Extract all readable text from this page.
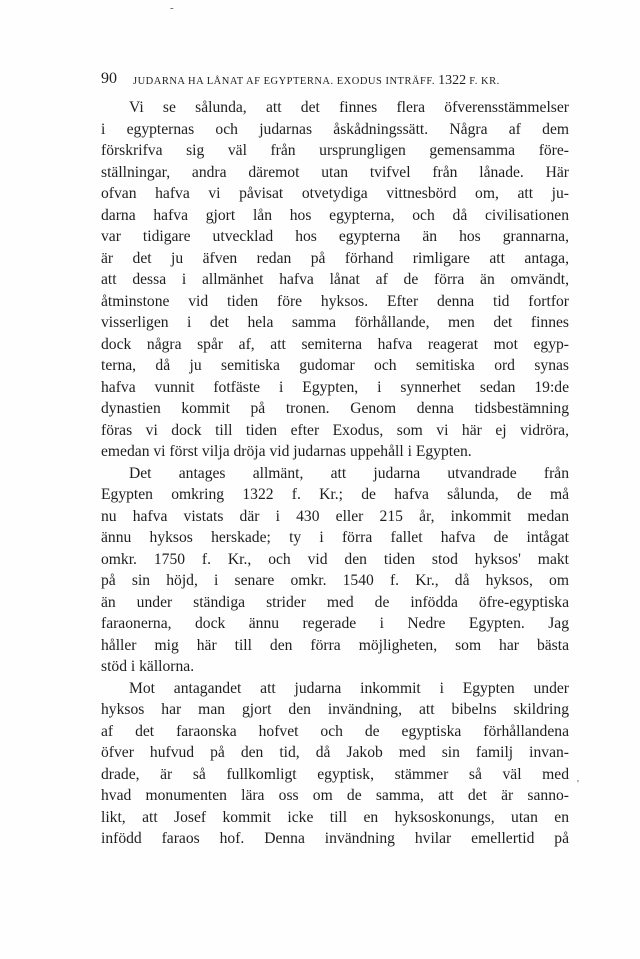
-
90 JUDARNA HA LÅNAT AF EGYPTERNA. EXODUS INTRÄFF. 1322 F. KR.
Vi se sålunda, att det finnes flera öfverensstämmelser
i egypternas och judarnas åskådningssätt. Några af dem
förskrifva sig väl från ursprungligen gemensamma före-
ställningar, andra däremot utan tvifvel från lånade. Här
ofvan hafva vi påvisat otvetydiga vittnesbörd om, att ju-
darna hafva gjort lån hos egypterna, och då civilisationen
var tidigare utvecklad hos egypterna än hos grannarna,
är det ju äfven redan på förhand rimligare att antaga,
att dessa i allmänhet hafva lånat af de förra än omvändt,
åtminstone vid tiden före hyksos. Efter denna tid fortfor
visserligen i det hela samma förhållande, men det finnes
dock några spår af, att semiterna hafva reagerat mot egyp-
terna, då ju semitiska gudomar och semitiska ord synas
hafva vunnit fotfäste i Egypten, i synnerhet sedan 19:de
dynastien kommit på tronen. Genom denna tidsbestämning
föras vi dock till tiden efter Exodus, som vi här ej vidröra,
emedan vi först vilja dröja vid judarnas uppehåll i Egypten.
Det antages allmänt, att judarna utvandrade från
Egypten omkring 1322 f. Kr.; de hafva sålunda, de må
nu hafva vistats där i 430 eller 215 år, inkommit medan
ännu hyksos herskade; ty i förra fallet hafva de intågat
omkr. 1750 f. Kr., och vid den tiden stod hyksos' makt
på sin höjd, i senare omkr. 1540 f. Kr., då hyksos, om
än under ständiga strider med de infödda öfre-egyptiska
faraonerna, dock ännu regerade i Nedre Egypten. Jag
håller mig här till den förra möjligheten, som har bästa
stöd i källorna.
Mot antagandet att judarna inkommit i Egypten under
hyksos har man gjort den invändning, att bibelns skildring
af det faraonska hofvet och de egyptiska förhållandena
öfver hufvud på den tid, då Jakob med sin familj invan-
drade, är så fullkomligt egyptisk, stämmer så väl med
hvad monumenten lära oss om de samma, att det är sanno-
likt, att Josef kommit icke till en hyksoskonungs, utan en
infödd faraos hof. Denna invändning hvilar emellertid på
'
